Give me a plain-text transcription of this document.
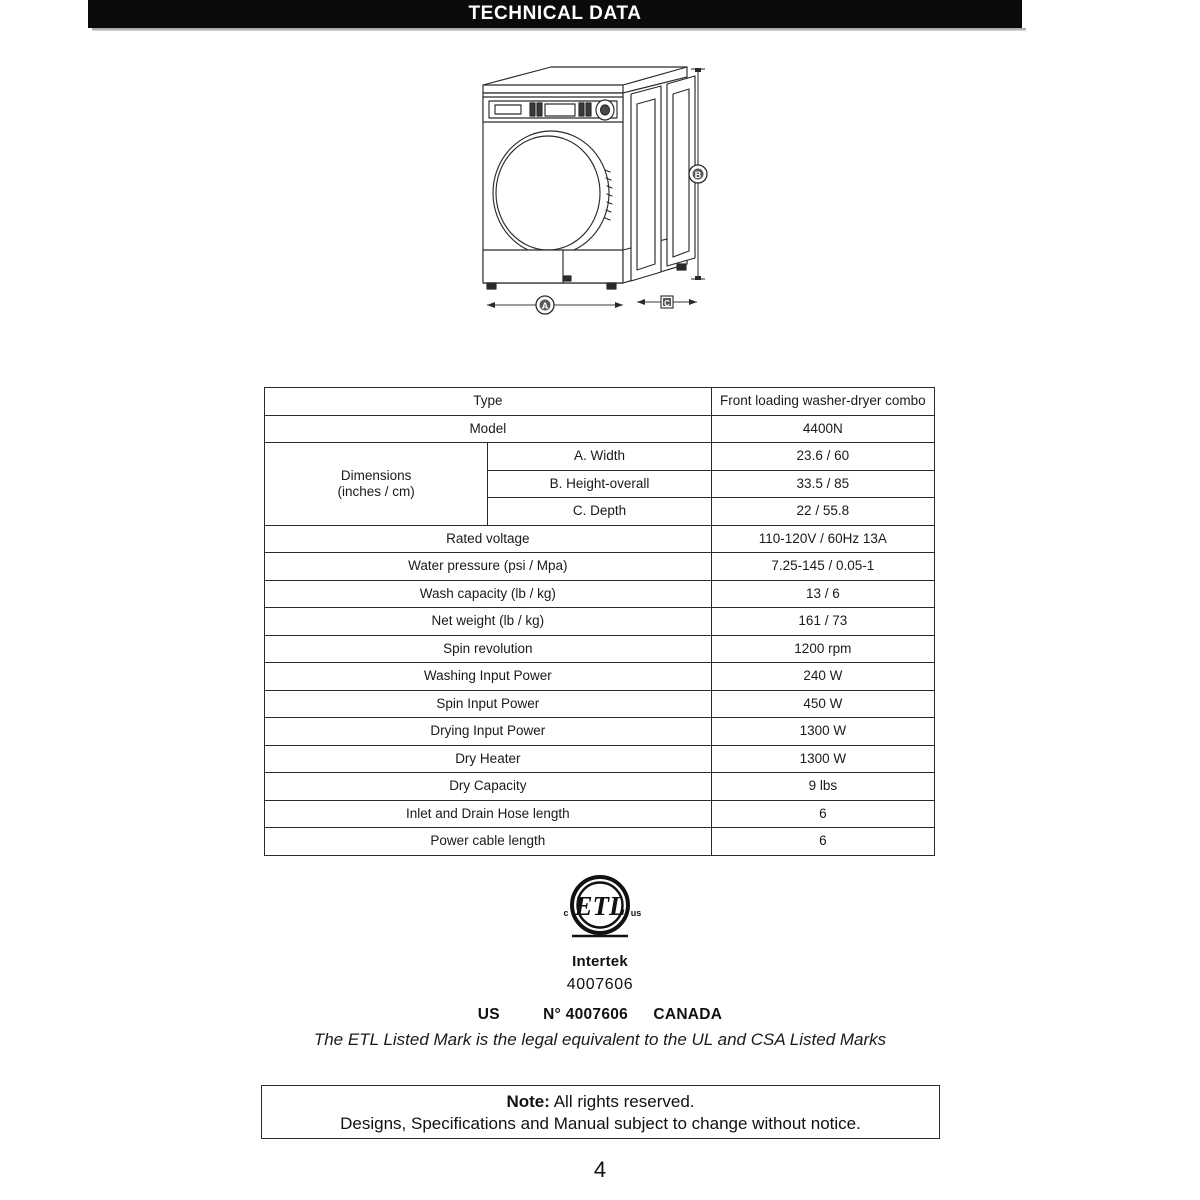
TECHNICAL DATA
B
A	C
Type		Front loading washer-dryer combo
Model		4400N
Dimensions
(inches / cm)	A. Width	23.6 / 60
	B. Height-overall	33.5 / 85
	C. Depth	22 / 55.8
Rated voltage		110-120V / 60Hz 13A
Water pressure (psi / Mpa)		7.25-145 / 0.05-1
Wash capacity (lb / kg)		13 / 6
Net weight (lb / kg)		161 / 73
Spin revolution		1200 rpm
Washing Input Power		240 W
Spin Input Power		450 W
Drying Input Power		1300 W
Dry Heater		1300 W
Dry Capacity		9 lbs
Inlet and Drain Hose length		6
Power cable length		6
ETL
c	us
Intertek
4007606
US	N° 4007606 CANADA
The ETL Listed Mark is the legal equivalent to the UL and CSA Listed Marks
Note: All rights reserved.
Designs, Specifications and Manual subject to change without notice.
4
